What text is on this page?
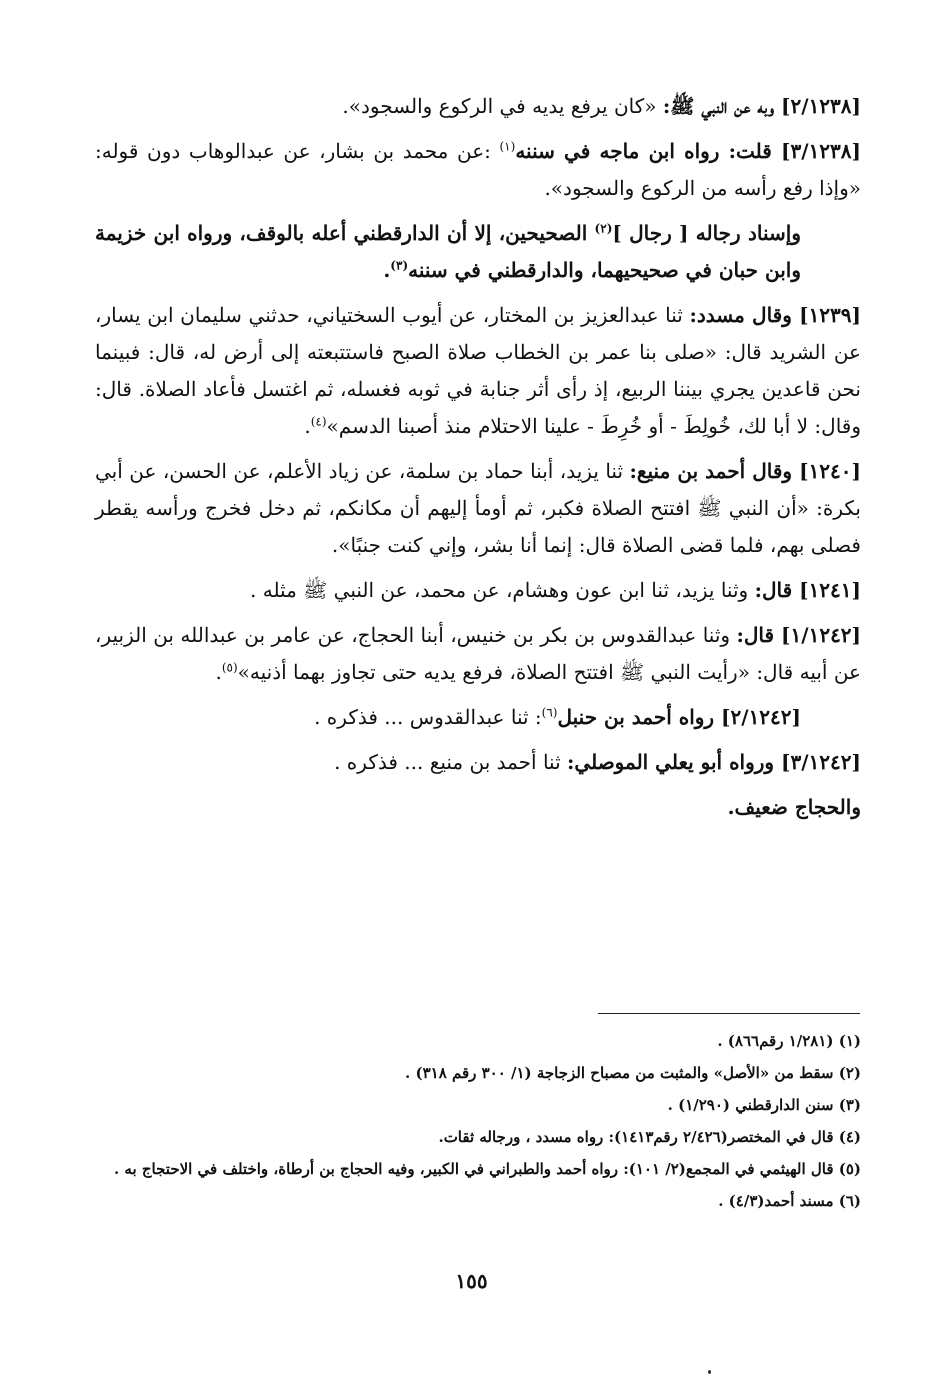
[٢/١٢٣٨] وبه عن النبي ﷺ: «كان يرفع يديه في الركوع والسجود».

[٣/١٢٣٨] قلت: رواه ابن ماجه في سننه$^{(١)}$ :عن محمد بن بشار، عن عبدالوهاب دون قوله: «وإذا رفع رأسه من الركوع والسجود».

وإسناد رجاله [ رجال ]$^{(٢)}$ الصحيحين، إلا أن الدارقطني أعله بالوقف، ورواه ابن خزيمة وابن حبان في صحيحيهما، والدارقطني في سننه$^{(٣)}$.

[١٢٣٩] وقال مسدد: ثنا عبدالعزيز بن المختار، عن أيوب السختياني، حدثني سليمان ابن يسار، عن الشريد قال: «صلى بنا عمر بن الخطاب صلاة الصبح فاستتبعته إلى أرض له، قال: فبينما نحن قاعدين يجري بيننا الربيع، إذ رأى أثر جنابة في ثوبه فغسله، ثم اغتسل فأعاد الصلاة. قال: وقال: لا أبا لك، خُولِطَ - أو خُرِطَ - علينا الاحتلام منذ أصبنا الدسم»$^{(٤)}$.

[١٢٤٠] وقال أحمد بن منيع: ثنا يزيد، أبنا حماد بن سلمة، عن زياد الأعلم، عن الحسن، عن أبي بكرة: «أن النبي ﷺ افتتح الصلاة فكبر، ثم أومأ إليهم أن مكانكم، ثم دخل فخرج ورأسه يقطر فصلى بهم، فلما قضى الصلاة قال: إنما أنا بشر، وإني كنت جنبًا».

[١٢٤١] قال: وثنا يزيد، ثنا ابن عون وهشام، عن محمد، عن النبي ﷺ مثله .

[١/١٢٤٢] قال: وثنا عبدالقدوس بن بكر بن خنيس، أبنا الحجاج، عن عامر بن عبدالله بن الزبير، عن أبيه قال: «رأيت النبي ﷺ افتتح الصلاة، فرفع يديه حتى تجاوز بهما أذنيه»$^{(٥)}$.

[٢/١٢٤٢] رواه أحمد بن حنبل$^{(٦)}$: ثنا عبدالقدوس ... فذكره .

[٣/١٢٤٢] ورواه أبو يعلي الموصلي: ثنا أحمد بن منيع ... فذكره .

والحجاج ضعيف.

(١) (١/٢٨١ رقم٨٦٦) .

(٢) سقط من «الأصل» والمثبت من مصباح الزجاجة (١/ ٣٠٠ رقم ٣١٨) .

(٣) سنن الدارقطني (١/٢٩٠) .

(٤) قال في المختصر(٢/٤٢٦ رقم١٤١٣): رواه مسدد ، ورجاله ثقات.

(٥) قال الهيثمي في المجمع(٢/ ١٠١): رواه أحمد والطبراني في الكبير، وفيه الحجاج بن أرطاة، واختلف في الاحتجاج به .

(٦) مسند أحمد(٤/٣) .

١٥٥
